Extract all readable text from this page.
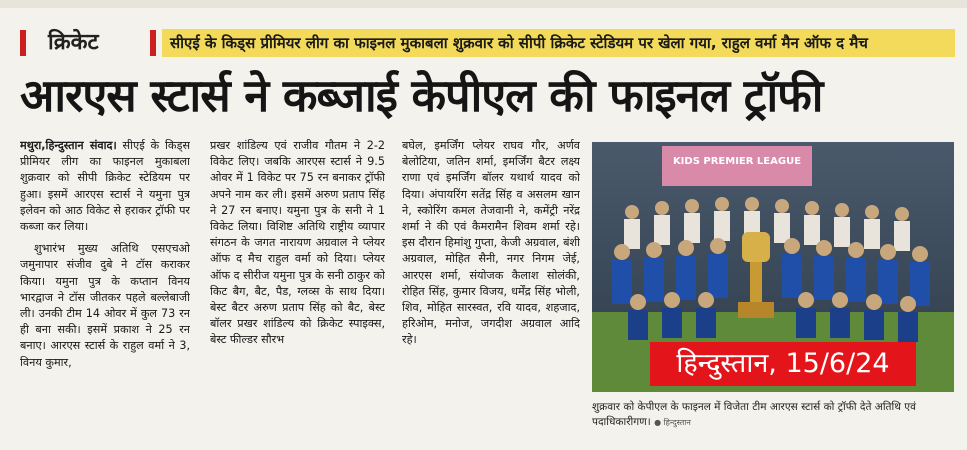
क्रिकेट	सीएई के किड्स प्रीमियर लीग का फाइनल मुकाबला शुक्रवार को सीपी क्रिकेट स्टेडियम पर खेला गया, राहुल वर्मा मैन ऑफ द मैच
आरएस स्टार्स ने कब्जाई केपीएल की फाइनल ट्रॉफी

मथुरा,हिन्दुस्तान संवाद। सीएई के किड्स प्रीमियर लीग का फाइनल मुकाबला शुक्रवार को सीपी क्रिकेट स्टेडियम पर हुआ। इसमें आरएस स्टार्स ने यमुना पुत्र इलेवन को आठ विकेट से हराकर ट्रॉफी पर कब्जा कर लिया।

शुभारंभ मुख्य अतिथि एसएचओ जमुनापार संजीव दुबे ने टॉस कराकर किया। यमुना पुत्र के कप्तान विनय भारद्वाज ने टॉस जीतकर पहले बल्लेबाजी ली। उनकी टीम 14 ओवर में कुल 73 रन ही बना सकी। इसमें प्रकाश ने 25 रन बनाए। आरएस स्टार्स के राहुल वर्मा ने 3, विनय कुमार,

प्रखर शांडिल्य एवं राजीव गौतम ने 2-2 विकेट लिए। जबकि आरएस स्टार्स ने 9.5 ओवर में 1 विकेट पर 75 रन बनाकर ट्रॉफी अपने नाम कर ली। इसमें अरुण प्रताप सिंह ने 27 रन बनाए। यमुना पुत्र के सनी ने 1 विकेट लिया। विशिष्ट अतिथि राष्ट्रीय व्यापार संगठन के जगत नारायण अग्रवाल ने प्लेयर ऑफ द मैच राहुल वर्मा को दिया। प्लेयर ऑफ द सीरीज यमुना पुत्र के सनी ठाकुर को किट बैग, बैट, पैड, ग्लव्स के साथ दिया। बेस्ट बैटर अरुण प्रताप सिंह को बैट, बेस्ट बॉलर प्रखर शांडिल्य को क्रिकेट स्पाइक्स, बेस्ट फील्डर सौरभ

बघेल, इमर्जिंग प्लेयर राघव गौर, अर्णव बेलोटिया, जतिन शर्मा, इमर्जिंग बैटर लक्ष्य राणा एवं इमर्जिंग बॉलर यथार्थ यादव को दिया। अंपायरिंग सतेंद्र सिंह व असलम खान ने, स्कोरिंग कमल तेजवानी ने, कमेंट्री नरेंद्र शर्मा ने की एवं कैमरामैन शिवम शर्मा रहे। इस दौरान हिमांशु गुप्ता, केजी अग्रवाल, बंशी अग्रवाल, मोहित सैनी, नगर निगम जेई, आरएस शर्मा, संयोजक कैलाश सोलंकी, रोहित सिंह, कुमार विजय, धर्मेंद्र सिंह भोली, शिव, मोहित सारस्वत, रवि यादव, शहजाद, हरिओम, मनोज, जगदीश अग्रवाल आदि रहे।

KIDS PREMIER LEAGUE
हिन्दुस्तान, 15/6/24
शुक्रवार को केपीएल के फाइनल में विजेता टीम आरएस स्टार्स को ट्रॉफी देते अतिथि एवं पदाधिकारीगण। ● हिन्दुस्तान
